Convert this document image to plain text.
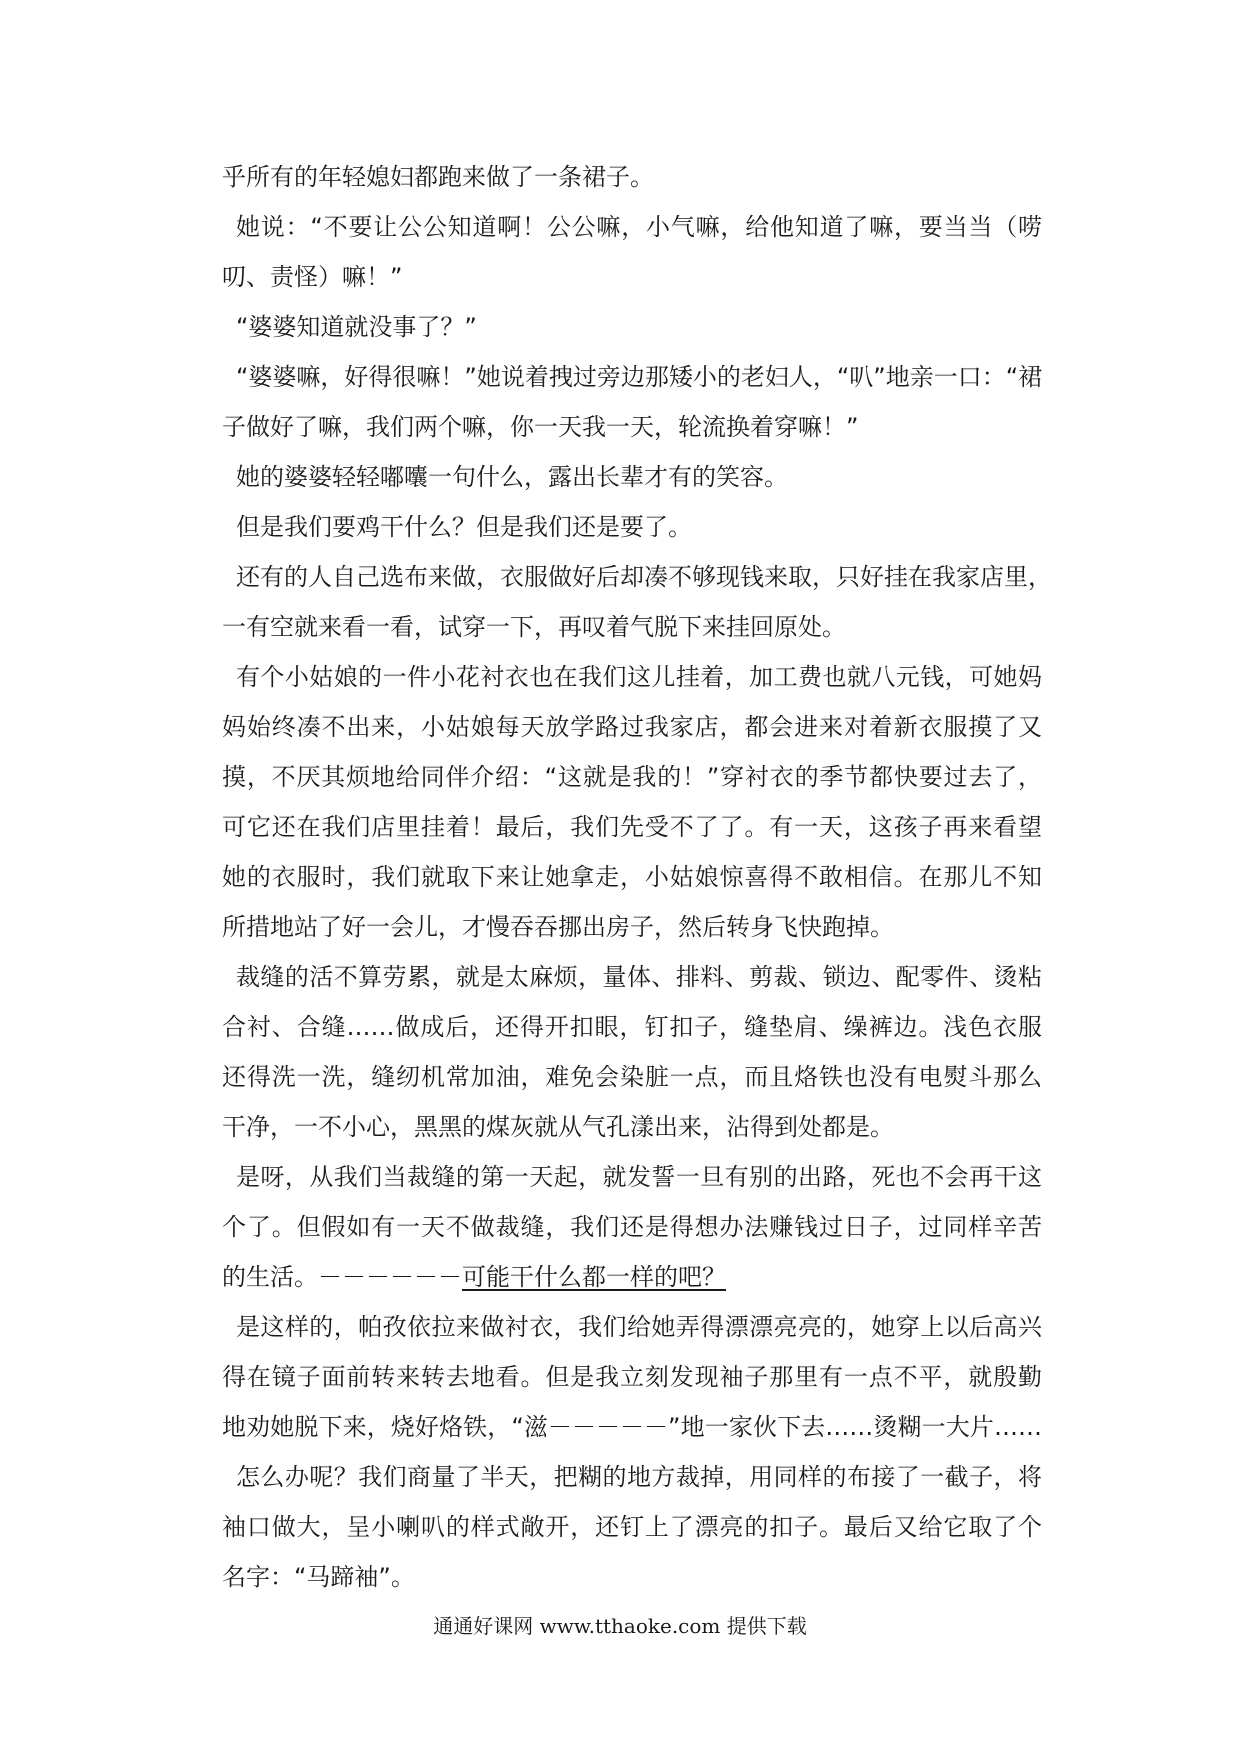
乎所有的年轻媳妇都跑来做了一条裙子。
她说：“不要让公公知道啊！公公嘛，小气嘛，给他知道了嘛，要当当（唠
叨、责怪）嘛！”
“婆婆知道就没事了？”
“婆婆嘛，好得很嘛！”她说着拽过旁边那矮小的老妇人，“叭”地亲一口：“裙
子做好了嘛，我们两个嘛，你一天我一天，轮流换着穿嘛！”
她的婆婆轻轻嘟囔一句什么，露出长辈才有的笑容。
但是我们要鸡干什么？但是我们还是要了。
还有的人自己选布来做，衣服做好后却凑不够现钱来取，只好挂在我家店里，
一有空就来看一看，试穿一下，再叹着气脱下来挂回原处。
有个小姑娘的一件小花衬衣也在我们这儿挂着，加工费也就八元钱，可她妈
妈始终凑不出来，小姑娘每天放学路过我家店，都会进来对着新衣服摸了又
摸，不厌其烦地给同伴介绍：“这就是我的！”穿衬衣的季节都快要过去了，
可它还在我们店里挂着！最后，我们先受不了了。有一天，这孩子再来看望
她的衣服时，我们就取下来让她拿走，小姑娘惊喜得不敢相信。在那儿不知
所措地站了好一会儿，才慢吞吞挪出房子，然后转身飞快跑掉。
裁缝的活不算劳累，就是太麻烦，量体、排料、剪裁、锁边、配零件、烫粘
合衬、合缝……做成后，还得开扣眼，钉扣子，缝垫肩、缲裤边。浅色衣服
还得洗一洗，缝纫机常加油，难免会染脏一点，而且烙铁也没有电熨斗那么
干净，一不小心，黑黑的煤灰就从气孔漾出来，沾得到处都是。
是呀，从我们当裁缝的第一天起，就发誓一旦有别的出路，死也不会再干这
个了。但假如有一天不做裁缝，我们还是得想办法赚钱过日子，过同样辛苦
的生活。－－－－－－可能干什么都一样的吧？
是这样的，帕孜依拉来做衬衣，我们给她弄得漂漂亮亮的，她穿上以后高兴
得在镜子面前转来转去地看。但是我立刻发现袖子那里有一点不平，就殷勤
地劝她脱下来，烧好烙铁，“滋－－－－－”地一家伙下去……烫糊一大片……
怎么办呢？我们商量了半天，把糊的地方裁掉，用同样的布接了一截子，将
袖口做大，呈小喇叭的样式敞开，还钉上了漂亮的扣子。最后又给它取了个
名字：“马蹄袖”。
通通好课网 www.tthaoke.com 提供下载
